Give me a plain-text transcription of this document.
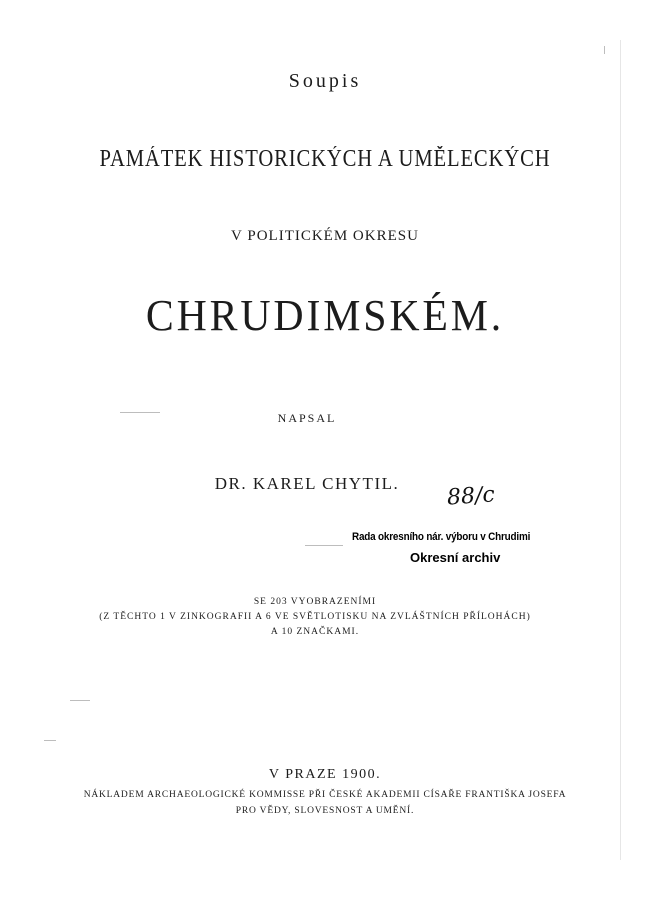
Soupis
PAMÁTEK HISTORICKÝCH A UMĚLECKÝCH
V POLITICKÉM OKRESU
CHRUDIMSKÉM.
NAPSAL
DR. KAREL CHYTIL.	88/c
Rada okresního nár. výboru v Chrudimi
Okresní archiv
SE 203 VYOBRAZENÍMI
(Z TĚCHTO 1 V ZINKOGRAFII A 6 VE SVĚTLOTISKU NA ZVLÁŠTNÍCH PŘÍLOHÁCH)
A 10 ZNAČKAMI.
V PRAZE 1900.
NÁKLADEM ARCHAEOLOGICKÉ KOMMISSE PŘI ČESKÉ AKADEMII CÍSAŘE FRANTIŠKA JOSEFA
PRO VĚDY, SLOVESNOST A UMĚNÍ.
